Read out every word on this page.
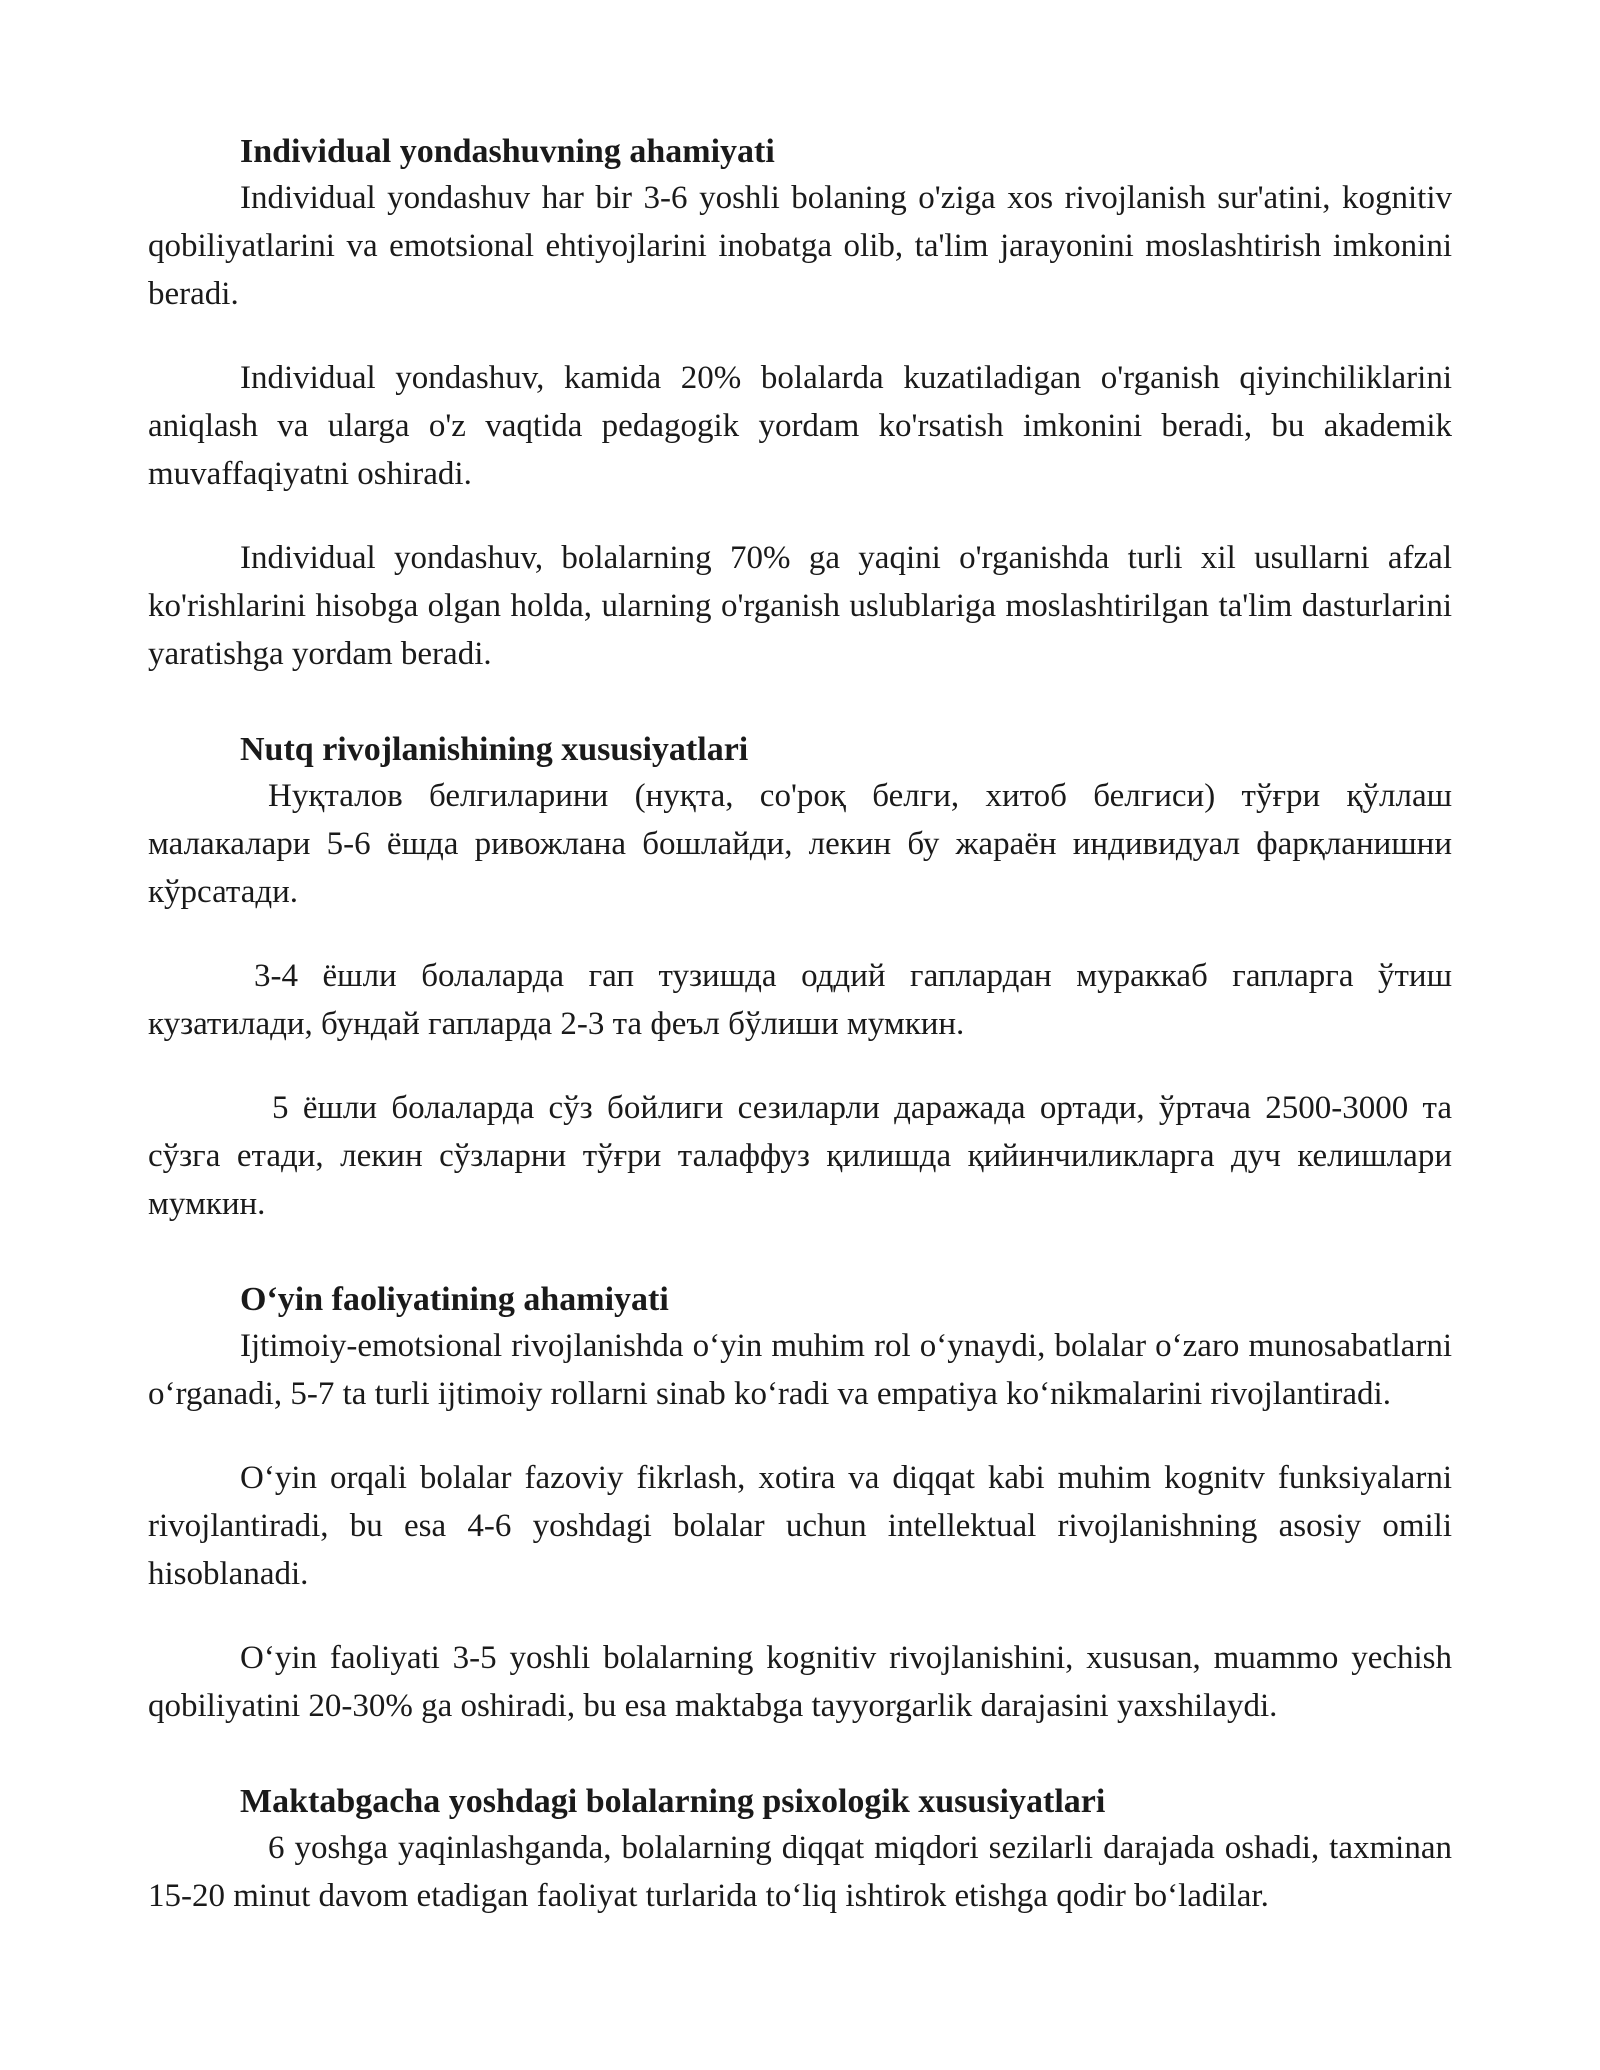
Individual yondashuvning ahamiyati

Individual yondashuv har bir 3-6 yoshli bolaning o'ziga xos rivojlanish sur'atini, kognitiv qobiliyatlarini va emotsional ehtiyojlarini inobatga olib, ta'lim jarayonini moslashtirish imkonini beradi.

Individual yondashuv, kamida 20% bolalarda kuzatiladigan o'rganish qiyinchiliklarini aniqlash va ularga o'z vaqtida pedagogik yordam ko'rsatish imkonini beradi, bu akademik muvaffaqiyatni oshiradi.

Individual yondashuv, bolalarning 70% ga yaqini o'rganishda turli xil usullarni afzal ko'rishlarini hisobga olgan holda, ularning o'rganish uslublariga moslashtirilgan ta'lim dasturlarini yaratishga yordam beradi.

Nutq rivojlanishining xususiyatlari

Нуқталов белгиларини (нуқта, со'роқ белги, хитоб белгиси) тўғри қўллаш малакалари 5-6 ёшда ривожлана бошлайди, лекин бу жараён индивидуал фарқланишни кўрсатади.

3-4 ёшли болаларда гап тузишда оддий гаплардан мураккаб гапларга ўтиш кузатилади, бундай гапларда 2-3 та феъл бўлиши мумкин.

5 ёшли болаларда сўз бойлиги сезиларли даражада ортади, ўртача 2500-3000 та сўзга етади, лекин сўзларни тўғри талаффуз қилишда қийинчиликларга дуч келишлари мумкин.

O‘yin faoliyatining ahamiyati

Ijtimoiy-emotsional rivojlanishda o‘yin muhim rol o‘ynaydi, bolalar o‘zaro munosabatlarni o‘rganadi, 5-7 ta turli ijtimoiy rollarni sinab ko‘radi va empatiya ko‘nikmalarini rivojlantiradi.

O‘yin orqali bolalar fazoviy fikrlash, xotira va diqqat kabi muhim kognitv funksiyalarni rivojlantiradi, bu esa 4-6 yoshdagi bolalar uchun intellektual rivojlanishning asosiy omili hisoblanadi.

O‘yin faoliyati 3-5 yoshli bolalarning kognitiv rivojlanishini, xususan, muammo yechish qobiliyatini 20-30% ga oshiradi, bu esa maktabga tayyorgarlik darajasini yaxshilaydi.

Maktabgacha yoshdagi bolalarning psixologik xususiyatlari

6 yoshga yaqinlashganda, bolalarning diqqat miqdori sezilarli darajada oshadi, taxminan 15-20 minut davom etadigan faoliyat turlarida to‘liq ishtirok etishga qodir bo‘ladilar.
